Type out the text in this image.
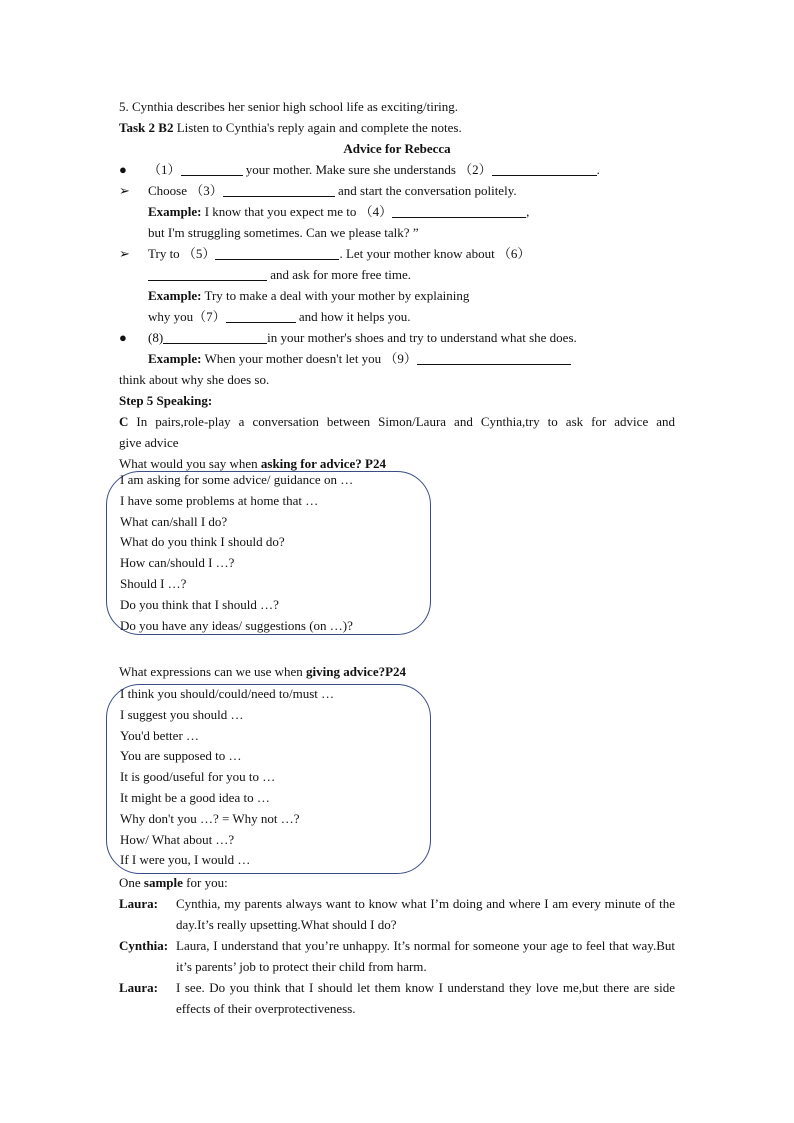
5. Cynthia describes her senior high school life as exciting/tiring.
Task 2 B2 Listen to Cynthia's reply again and complete the notes.
Advice for Rebecca
●	（1）	your mother. Make sure she understands （2）	.
➢	Choose （3）	and start the conversation politely.
Example: I know that you expect me to （4）	,
but I'm struggling sometimes. Can we please talk? ”
➢	Try to （5）	. Let your mother know about （6）
and ask for more free time.
Example: Try to make a deal with your mother by explaining
why you（7）	and how it helps you.
●	(8)	in your mother's shoes and try to understand what she does.
Example: When your mother doesn't let you （9）
think about why she does so.
Step 5 Speaking:
C In pairs,role-play a conversation between Simon/Laura and Cynthia,try to ask for advice and
give advice
What would you say when asking for advice? P24
I am asking for some advice/ guidance on …
I have some problems at home that …
What can/shall I do?
What do you think I should do?
How can/should I …?
Should I …?
Do you think that I should …?
Do you have any ideas/ suggestions (on …)?
What expressions can we use when giving advice?P24
I think you should/could/need to/must …
I suggest you should …
You'd better …
You are supposed to …
It is good/useful for you to …
It might be a good idea to …
Why don't you …? = Why not …?
How/ What about …?
If I were you, I would …
One sample for you:
Laura: Cynthia, my parents always want to know what I’m doing and where I am every minute of the day.It’s really upsetting.What should I do?

Cynthia: Laura, I understand that you’re unhappy. It’s normal for someone your age to feel that way.But it’s parents’ job to protect their child from harm.

Laura: I see. Do you think that I should let them know I understand they love me,but there are side effects of their overprotectiveness.
